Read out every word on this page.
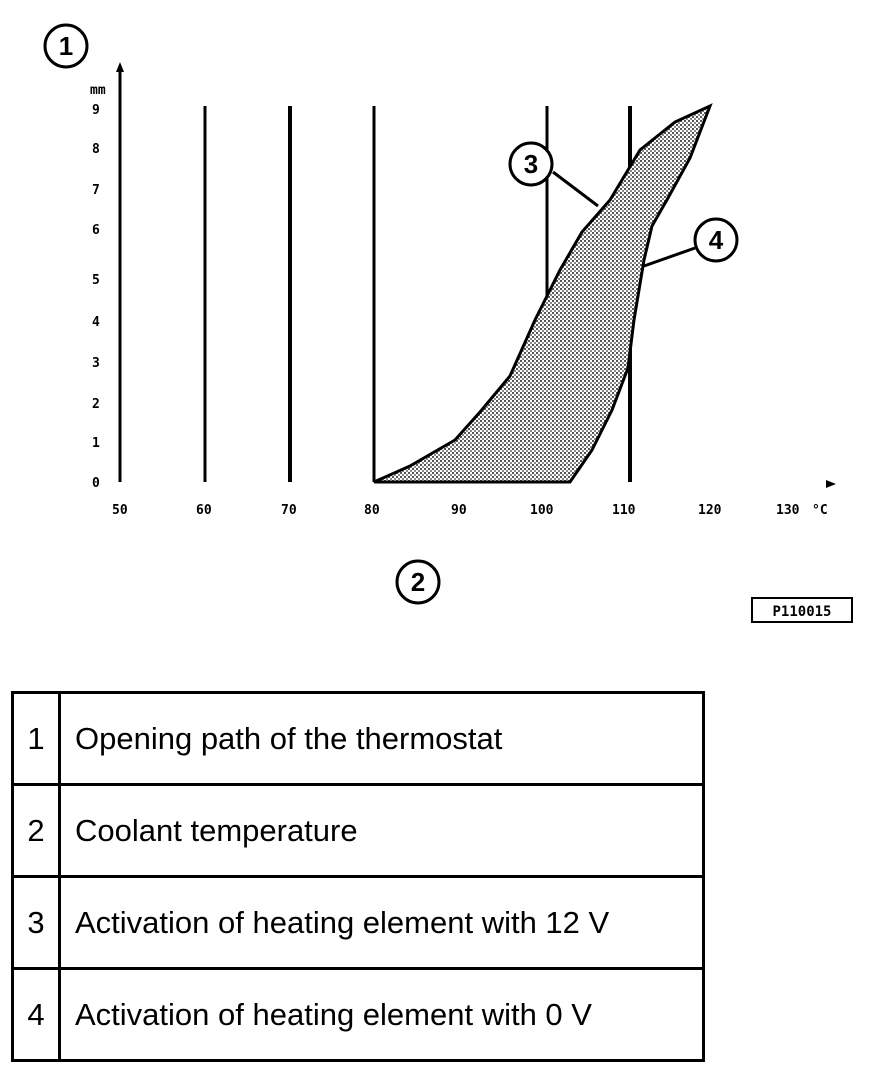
mm
0
1
2
3
4
5
6
7
8
9
50	60	70	80	90	100	110	120	130 °C
1
2
3
4
P110015
1	Opening path of the thermostat
2	Coolant temperature
3	Activation of heating element with 12 V
4	Activation of heating element with 0 V
